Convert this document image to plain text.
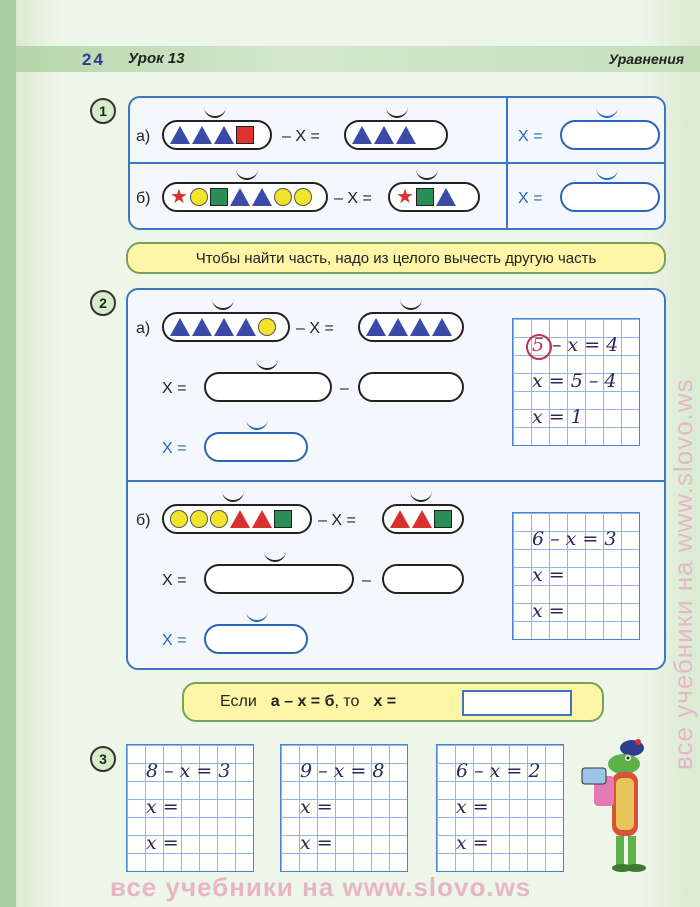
24 Урок 13	Уравнения
1
а)	– X =	X =
б) ★	– X = ★	X =
Чтобы найти часть, надо из целого вычесть другую часть
2
а)	– X =
X =	–
X =
5 – x = 4
x = 5 – 4
x = 1
б)	– X =
X =	–
X =
6 – x = 3
x =
x =
Если а – х = б , то х =
3
8 – x = 3
x =
x =
9 – x = 8
x =
x =
6 – x = 2
x =
x =
все учебники на www.slovo.ws
все учебники на www.slovo.ws
